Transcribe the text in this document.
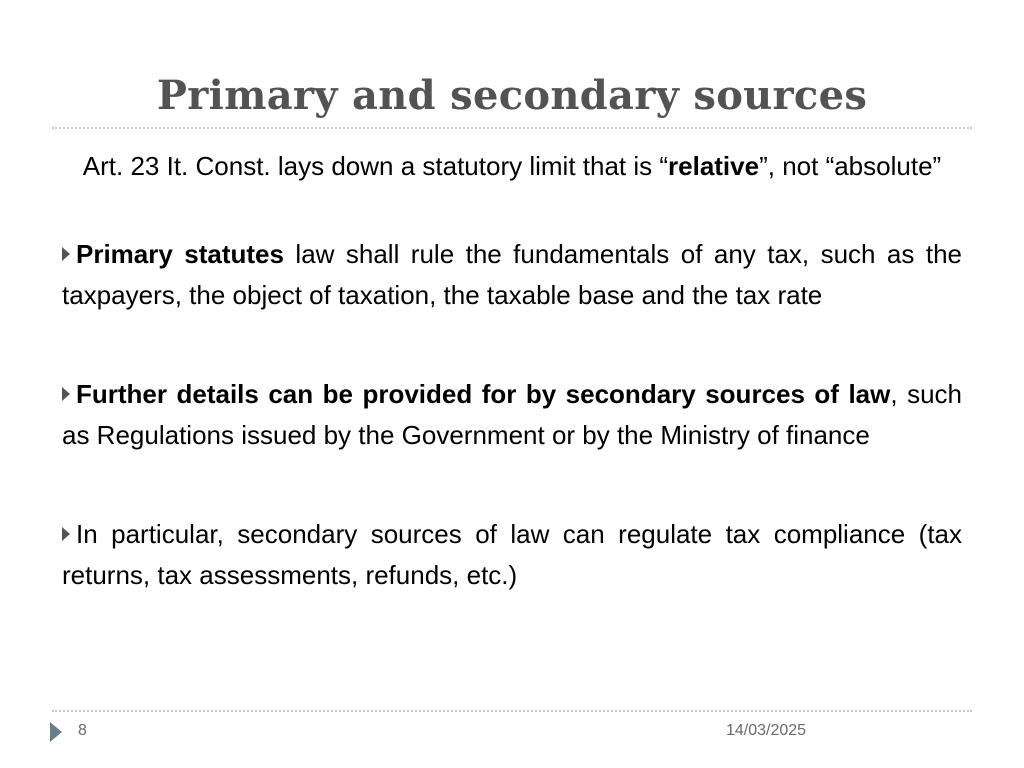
Primary and secondary sources
Art. 23 It. Const. lays down a statutory limit that is “relative”, not “absolute”

Primary statutes law shall rule the fundamentals of any tax, such as the taxpayers, the object of taxation, the taxable base and the tax rate

Further details can be provided for by secondary sources of law, such as Regulations issued by the Government or by the Ministry of finance

In particular, secondary sources of law can regulate tax compliance (tax returns, tax assessments, refunds, etc.)

8	14/03/2025
